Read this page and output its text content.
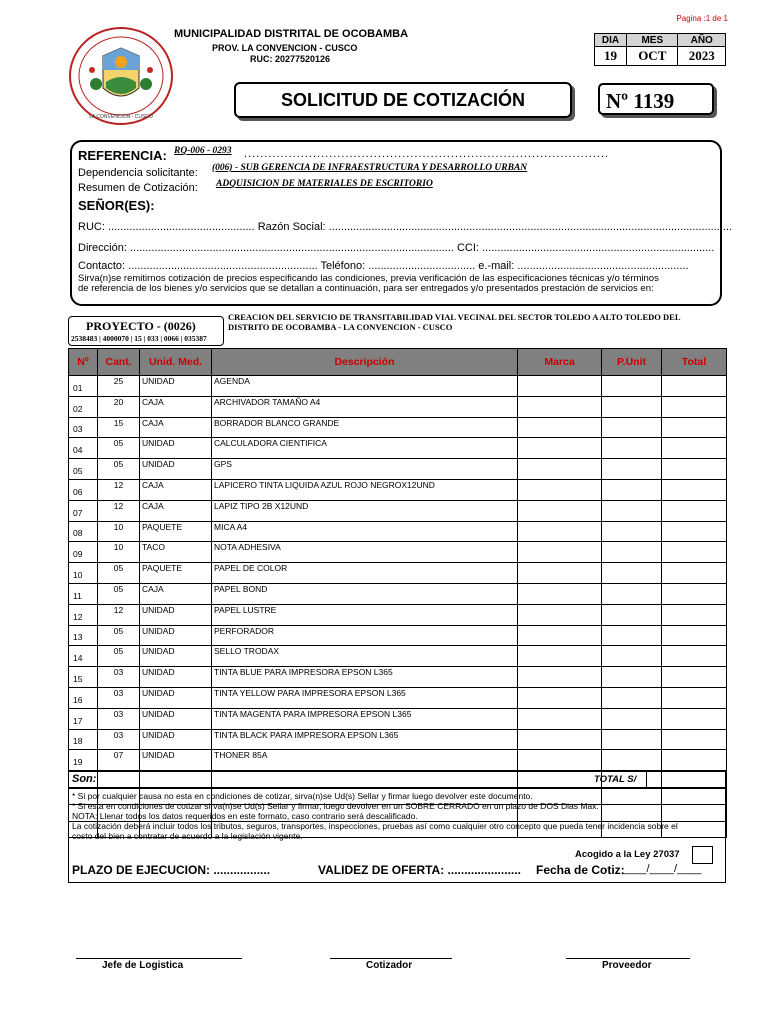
Pagina :1 de 1
LA CONVENCION - CUSCO
MUNICIPALIDAD DISTRITAL DE OCOBAMBA
PROV. LA CONVENCION - CUSCO
RUC: 20277520126
DIA	MES	AÑO
19	OCT	2023
SOLICITUD DE COTIZACIÓN	Nº 1139
REFERENCIA: RQ-006 - 0293 ..........................................................................................
Dependencia solicitante: (006) - SUB GERENCIA DE INFRAESTRUCTURA Y DESARROLLO URBAN
Resumen de Cotización: ADQUISICION DE MATERIALES DE ESCRITORIO
SEÑOR(ES):
RUC: ................................................ Razón Social: ....................................................................................................................................
Dirección: .......................................................................................................... CCI: ............................................................................
Contacto: .............................................................. Teléfono: ................................... e.-mail: ........................................................
Sirva(n)se remitirnos cotización de precios especificando las condiciones, previa verificación de las especificaciones técnicas y/o términos
de referencia de los bienes y/o servicios que se detallan a continuación, para ser entregados y/o presentados prestación de servicios en:
PROYECTO - (0026)
2538483 | 4000070 | 15 | 033 | 0066 | 035387
CREACION DEL SERVICIO DE TRANSITABILIDAD VIAL VECINAL DEL SECTOR TOLEDO A ALTO TOLEDO DEL
DISTRITO DE OCOBAMBA - LA CONVENCION - CUSCO
Nº	Cant.	Unid. Med.	Descripción	Marca	P.Unit	Total
01	25	UNIDAD	AGENDA			
02	20	CAJA	ARCHIVADOR TAMAÑO A4			
03	15	CAJA	BORRADOR BLANCO GRANDE			
04	05	UNIDAD	CALCULADORA CIENTIFICA			
05	05	UNIDAD	GPS			
06	12	CAJA	LAPICERO TINTA LIQUIDA AZUL ROJO NEGROX12UND			
07	12	CAJA	LAPIZ TIPO 2B X12UND			
08	10	PAQUETE	MICA A4			
09	10	TACO	NOTA ADHESIVA			
10	05	PAQUETE	PAPEL DE COLOR			
11	05	CAJA	PAPEL BOND			
12	12	UNIDAD	PAPEL LUSTRE			
13	05	UNIDAD	PERFORADOR			
14	05	UNIDAD	SELLO TRODAX			
15	03	UNIDAD	TINTA BLUE PARA IMPRESORA EPSON L365			
16	03	UNIDAD	TINTA YELLOW PARA IMPRESORA EPSON L365			
17	03	UNIDAD	TINTA MAGENTA PARA IMPRESORA EPSON L365			
18	03	UNIDAD	TINTA BLACK PARA IMPRESORA EPSON L365			
19	07	UNIDAD	THONER 85A			

Son:	TOTAL S/
* Si por cualquier causa no esta en condiciones de cotizar, sirva(n)se Ud(s) Sellar y firmar luego devolver este documento.
* Si esta en condiciones de cotizar sirva(n)se Ud(s) Sellar y firmar, luego devolver en un SOBRE CERRADO en un plazo de DOS Dias Max.
NOTA: Llenar todos los datos requeridos en este formato, caso contrario será descalificado.
La cotización deberá incluir todos los tributos, seguros, transportes, inspecciones, pruebas así como cualquier otro concepto que pueda tener incidencia sobre el
costo del bien a contratar de acuerdo a la legislación vigente.
Acogido a la Ley 27037
PLAZO DE EJECUCION: .................	VALIDEZ DE OFERTA: ...................... Fecha de Cotiz:
____/____/____
Jefe de Logistica	Cotizador	Proveedor
